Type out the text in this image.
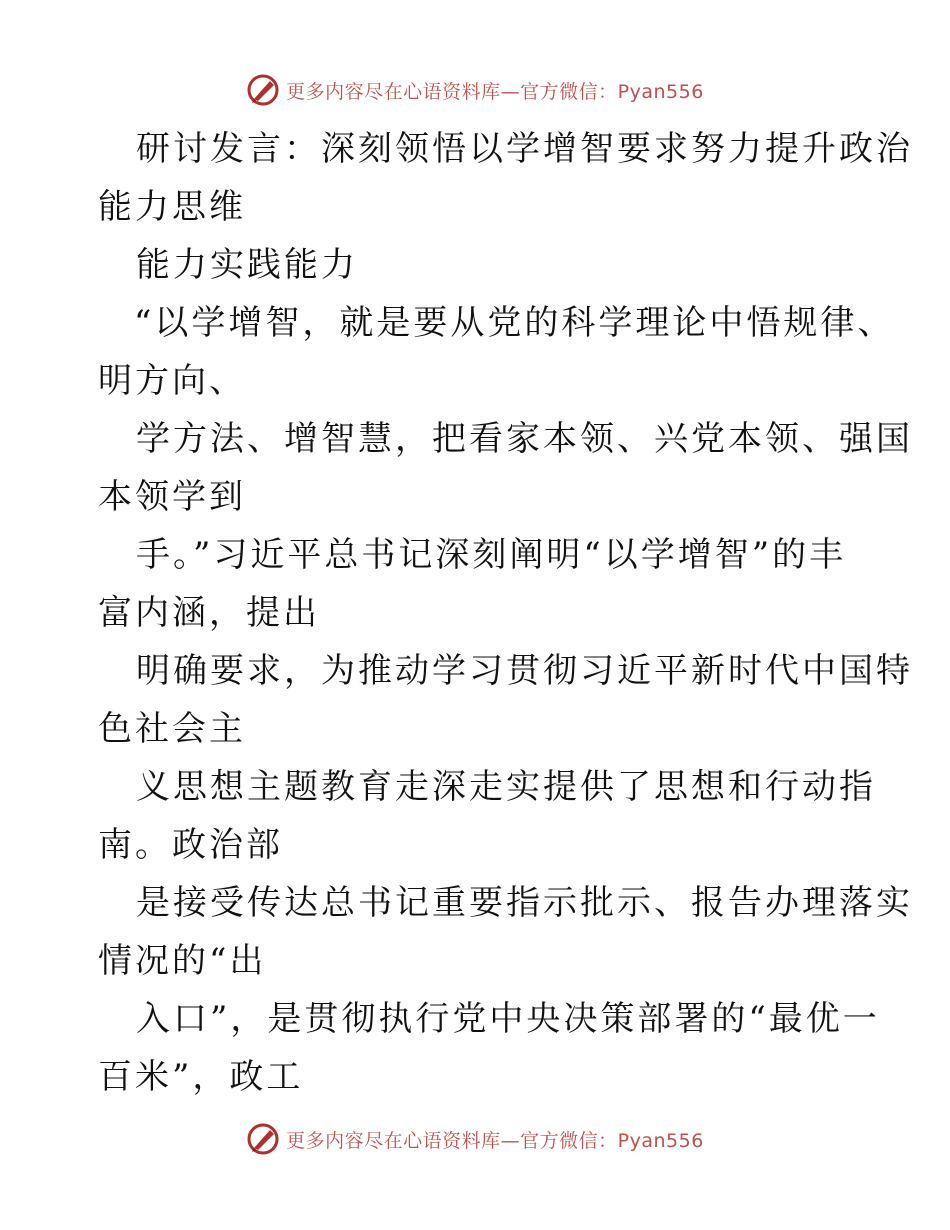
更多内容尽在心语资料库—官方微信：Pyan556
研讨发言：深刻领悟以学增智要求努力提升政治
能力思维
能力实践能力
“以学增智，就是要从党的科学理论中悟规律、
明方向、
学方法、增智慧，把看家本领、兴党本领、强国
本领学到
手。”习近平总书记深刻阐明“以学增智”的丰
富内涵，提出
明确要求，为推动学习贯彻习近平新时代中国特
色社会主
义思想主题教育走深走实提供了思想和行动指
南。政治部
是接受传达总书记重要指示批示、报告办理落实
情况的“出
入口”，是贯彻执行党中央决策部署的“最优一
百米”，政工
更多内容尽在心语资料库—官方微信：Pyan556
